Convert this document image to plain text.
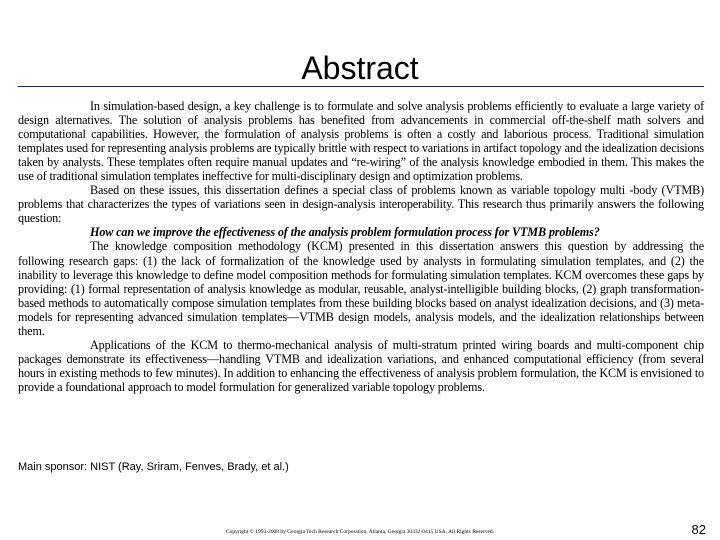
Abstract

In simulation-based design, a key challenge is to formulate and solve analysis problems efficiently to evaluate a large variety of design alternatives. The solution of analysis problems has benefited from advancements in commercial off-the-shelf math solvers and computational capabilities. However, the formulation of analysis problems is often a costly and laborious process. Traditional simulation templates used for representing analysis problems are typically brittle with respect to variations in artifact topology and the idealization decisions taken by analysts. These templates often require manual updates and “re-wiring” of the analysis knowledge embodied in them. This makes the use of traditional simulation templates ineffective for multi-disciplinary design and optimization problems.

Based on these issues, this dissertation defines a special class of problems known as variable topology multi -body (VTMB) problems that characterizes the types of variations seen in design-analysis interoperability. This research thus primarily answers the following question:

How can we improve the effectiveness of the analysis problem formulation process for VTMB problems?

The knowledge composition methodology (KCM) presented in this dissertation answers this question by addressing the following research gaps: (1) the lack of formalization of the knowledge used by analysts in formulating simulation templates, and (2) the inability to leverage this knowledge to define model composition methods for formulating simulation templates. KCM overcomes these gaps by providing: (1) formal representation of analysis knowledge as modular, reusable, analyst-intelligible building blocks, (2) graph transformation-based methods to automatically compose simulation templates from these building blocks based on analyst idealization decisions, and (3) meta-models for representing advanced simulation templates—VTMB design models, analysis models, and the idealization relationships between them.

Applications of the KCM to thermo-mechanical analysis of multi-stratum printed wiring boards and multi-component chip packages demonstrate its effectiveness—handling VTMB and idealization variations, and enhanced computational efficiency (from several hours in existing methods to few minutes). In addition to enhancing the effectiveness of analysis problem formulation, the KCM is envisioned to provide a foundational approach to model formulation for generalized variable topology problems.

Main sponsor: NIST (Ray, Sriram, Fenves, Brady, et al.)
Copyright © 1993-2008 by Georgia Tech Research Corporation, Atlanta, Georgia 30332-0415 USA. All Rights Reserved.	82
